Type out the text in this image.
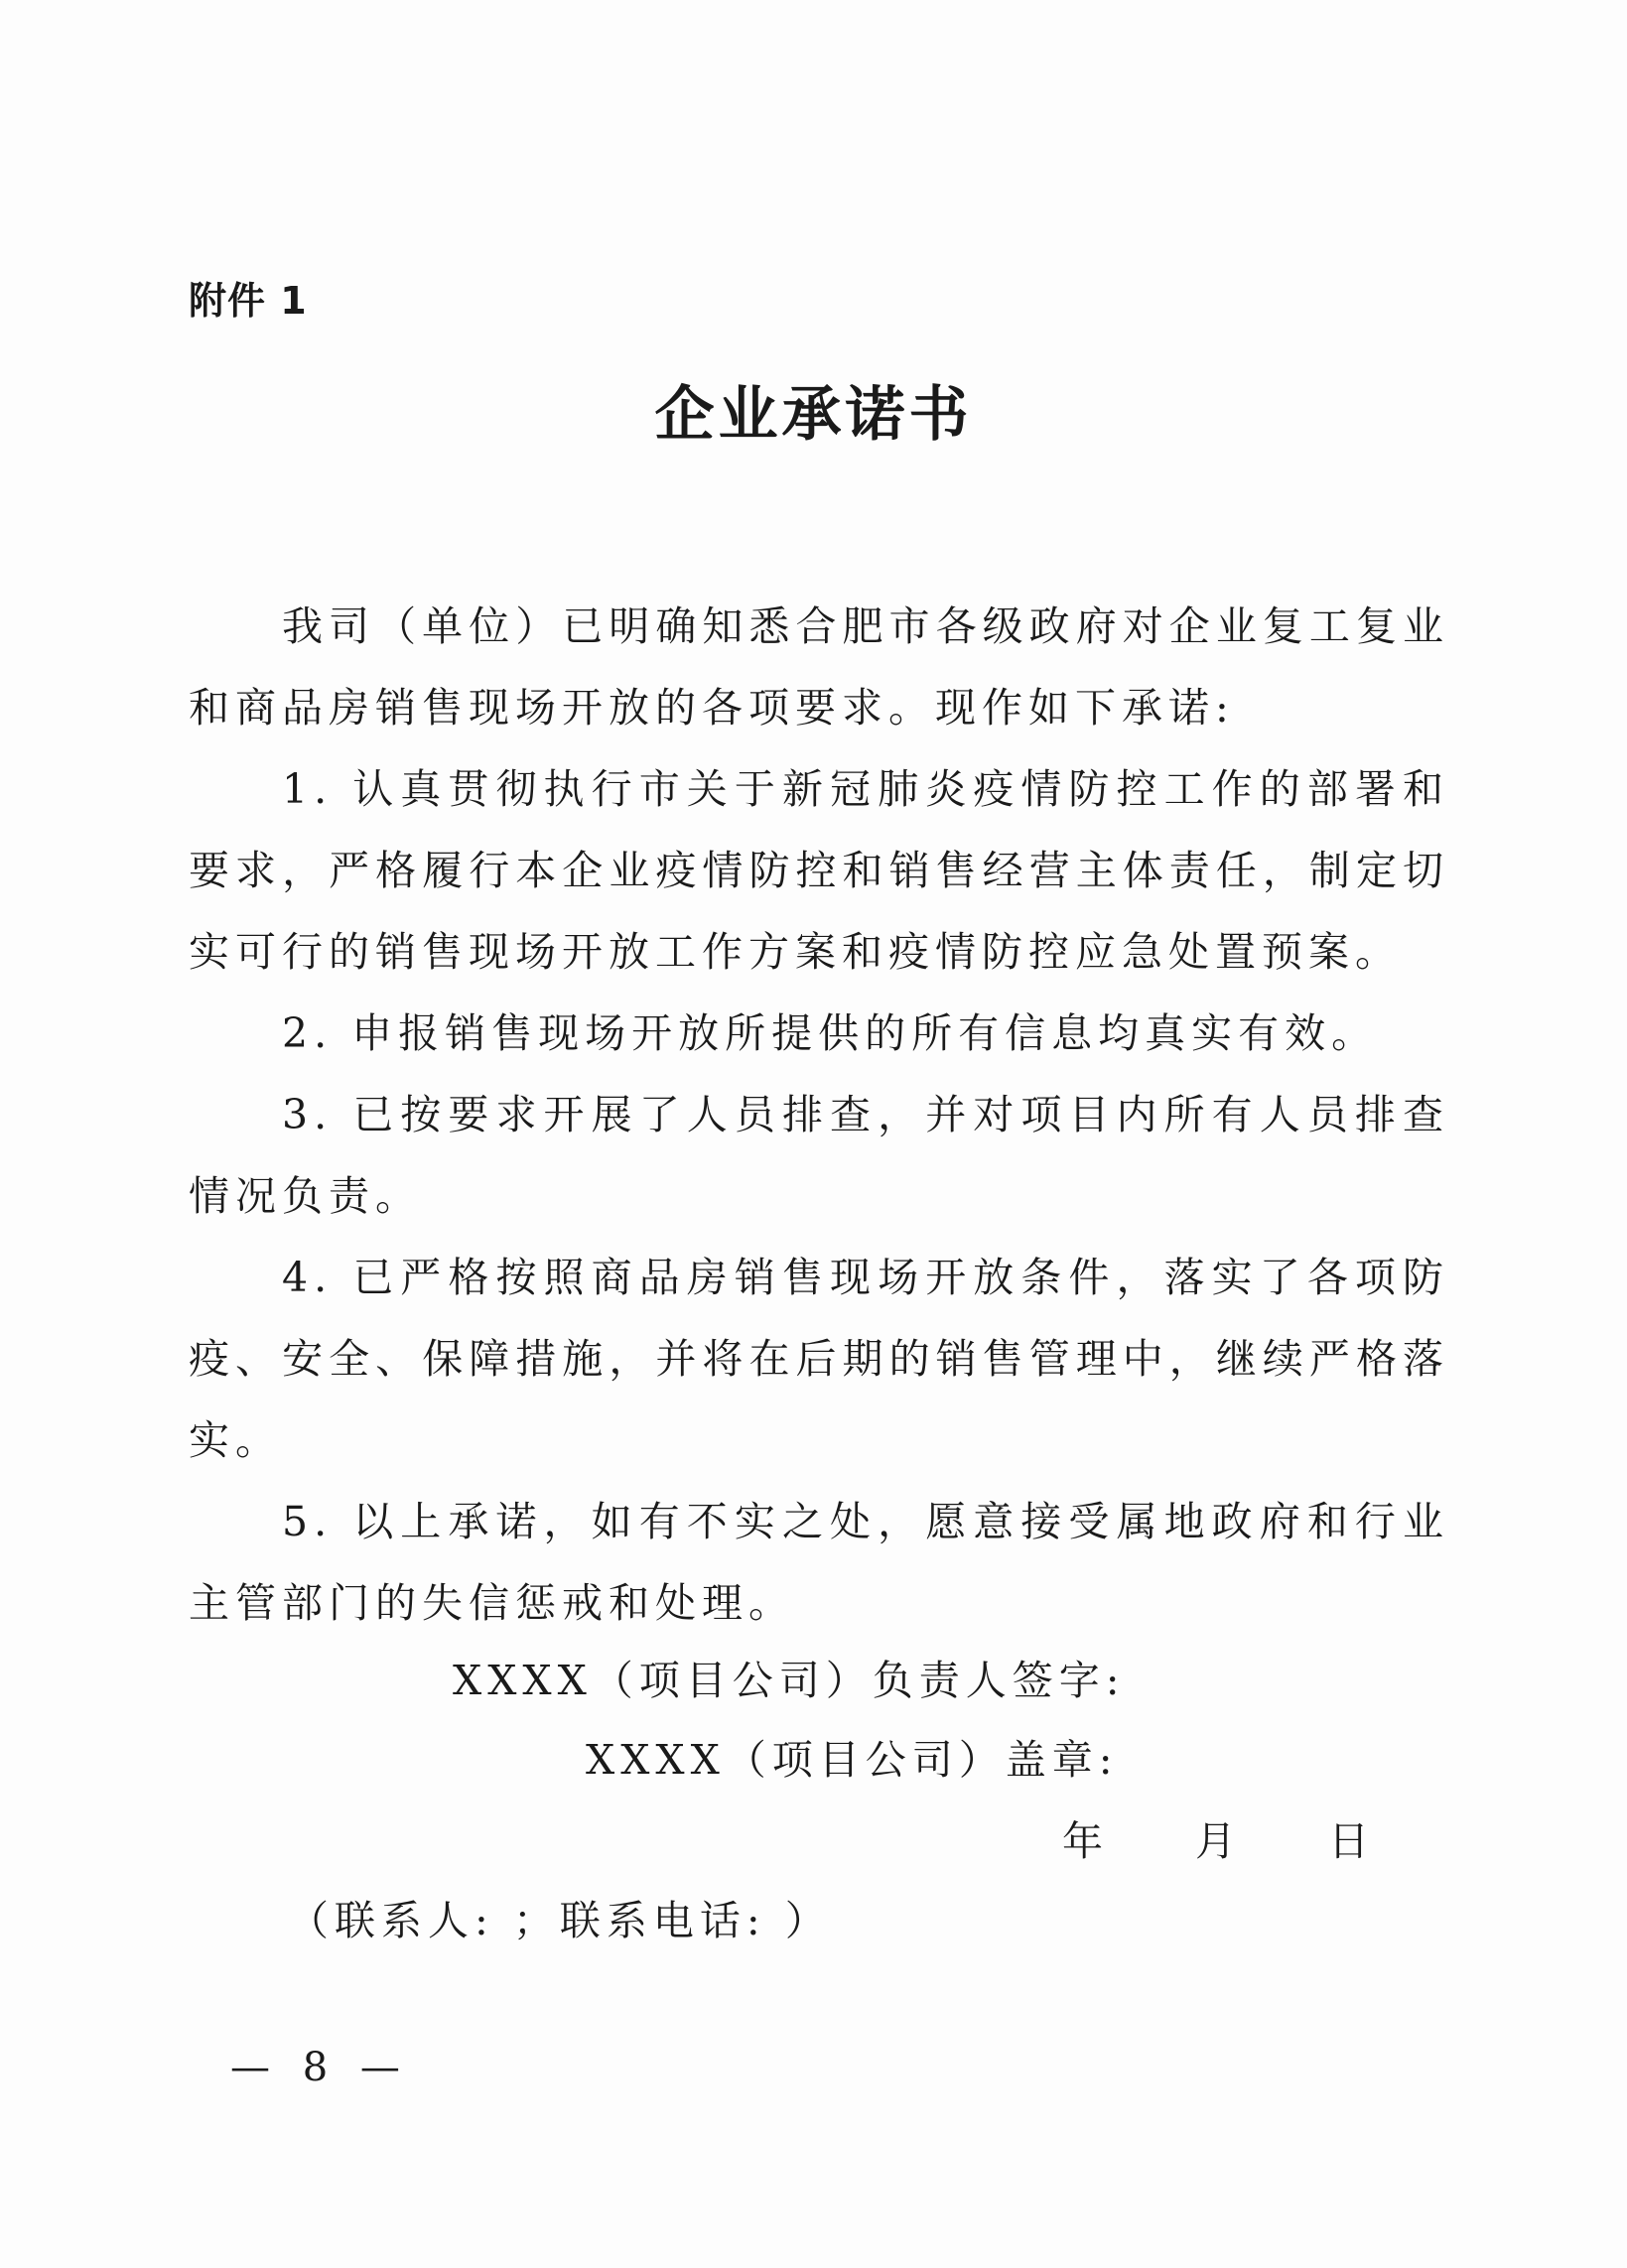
附件 1
企业承诺书

我司（单位）已明确知悉合肥市各级政府对企业复工复业和商品房销售现场开放的各项要求。现作如下承诺:

1. 认真贯彻执行市关于新冠肺炎疫情防控工作的部署和要求，严格履行本企业疫情防控和销售经营主体责任，制定切实可行的销售现场开放工作方案和疫情防控应急处置预案。

2. 申报销售现场开放所提供的所有信息均真实有效。

3. 已按要求开展了人员排查，并对项目内所有人员排查情况负责。

4. 已严格按照商品房销售现场开放条件，落实了各项防疫、安全、保障措施，并将在后期的销售管理中，继续严格落实。

5. 以上承诺，如有不实之处，愿意接受属地政府和行业主管部门的失信惩戒和处理。

XXXX（项目公司）负责人签字:
XXXX（项目公司）盖章:
年 月 日
（联系人: ；联系电话: ）
— 8 —
